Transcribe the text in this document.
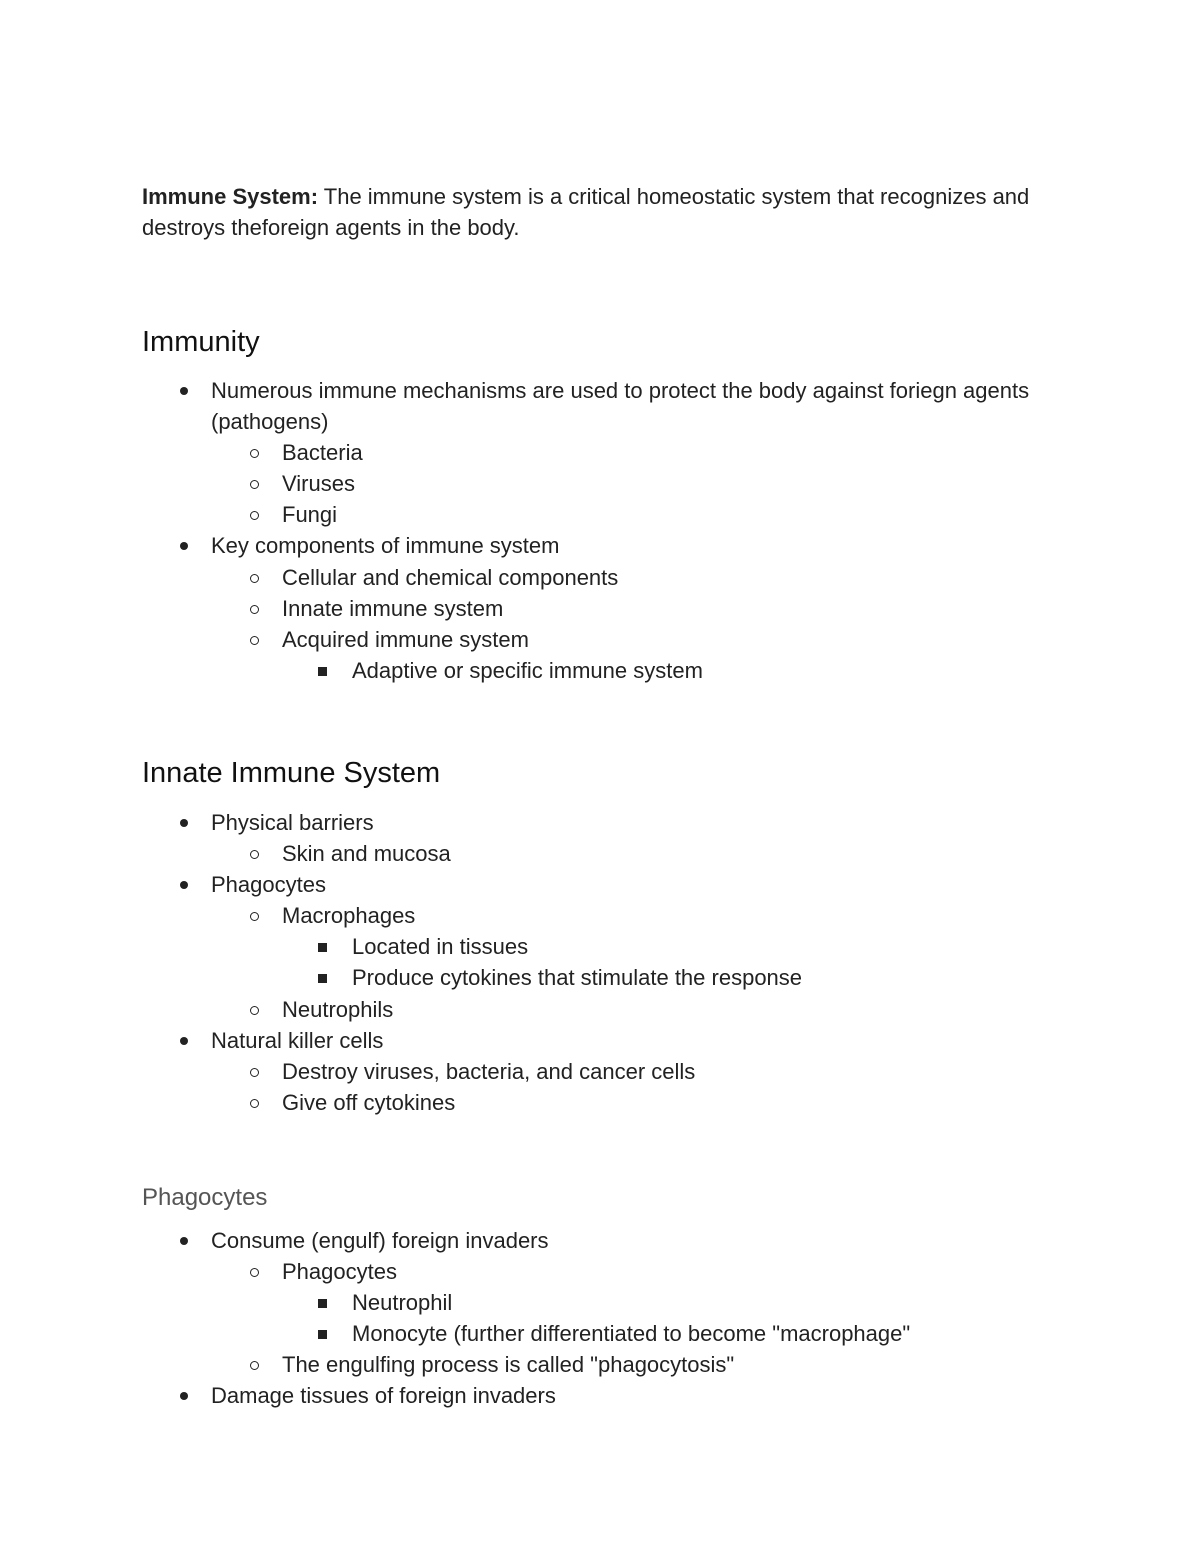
Immune System: The immune system is a critical homeostatic system that recognizes and destroys theforeign agents in the body.

Immunity
Numerous immune mechanisms are used to protect the body against foriegn agents (pathogens)
Bacteria
Viruses
Fungi
Key components of immune system
Cellular and chemical components
Innate immune system
Acquired immune system
Adaptive or specific immune system
Innate Immune System
Physical barriers
Skin and mucosa
Phagocytes
Macrophages
Located in tissues
Produce cytokines that stimulate the response
Neutrophils
Natural killer cells
Destroy viruses, bacteria, and cancer cells
Give off cytokines
Phagocytes
Consume (engulf) foreign invaders
Phagocytes
Neutrophil
Monocyte (further differentiated to become "macrophage"
The engulfing process is called "phagocytosis"
Damage tissues of foreign invaders
